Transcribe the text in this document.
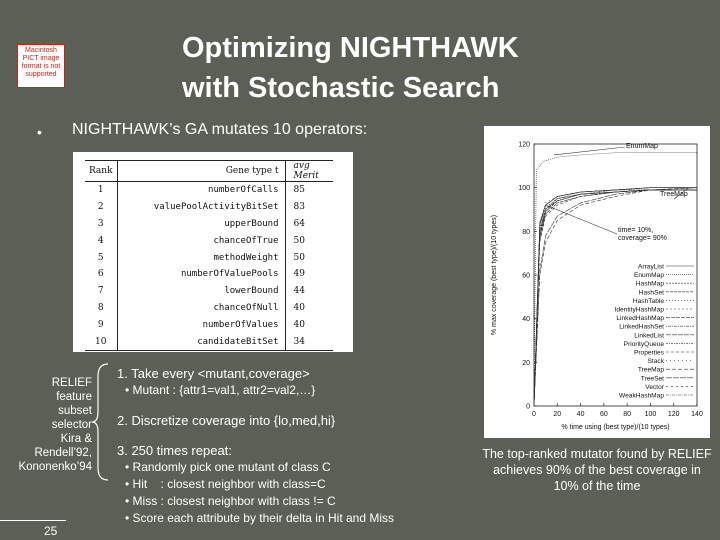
Macintosh PICT image format is not supported
Optimizing NIGHTHAWK
with Stochastic Search
• NIGHTHAWK’s GA mutates 10 operators:
Rank	Gene type t	avg Merit
1	numberOfCalls	85
2	valuePoolActivityBitSet	83
3	upperBound	64
4	chanceOfTrue	50
5	methodWeight	50
6	numberOfValuePools	49
7	lowerBound	44
8	chanceOfNull	40
9	numberOfValues	40
10	candidateBitSet	34
RELIEF
feature
subset
selector
Kira &
Rendell’92,
Kononenko’94
1. Take every <mutant,coverage>
• Mutant : {attr1=val1, attr2=val2,…}
2. Discretize coverage into {lo,med,hi}
3. 250 times repeat:
• Randomly pick one mutant of class C
• Hit    : closest neighbor with class=C
• Miss : closest neighbor with class != C
• Score each attribute by their delta in Hit and Miss
25
0 20 40 60 80 100 120 140
0
20
40
60
80
100
120
% time using (best type)/(10 types)
% max coverage (best type)/(10 types)	ArrayList
EnumMap
HashMap
HashSet
HashTable
IdentityHashMap
LinkedHashMap
LinkedHashSet
LinkedList
PriorityQueue
Properties
Stack
TreeMap
TreeSet
Vector
WeakHashMap
EnumMap
TreeMap
time= 10%,
coverage= 90%
The top-ranked mutator found by RELIEF achieves 90% of the best coverage in 10% of the time
